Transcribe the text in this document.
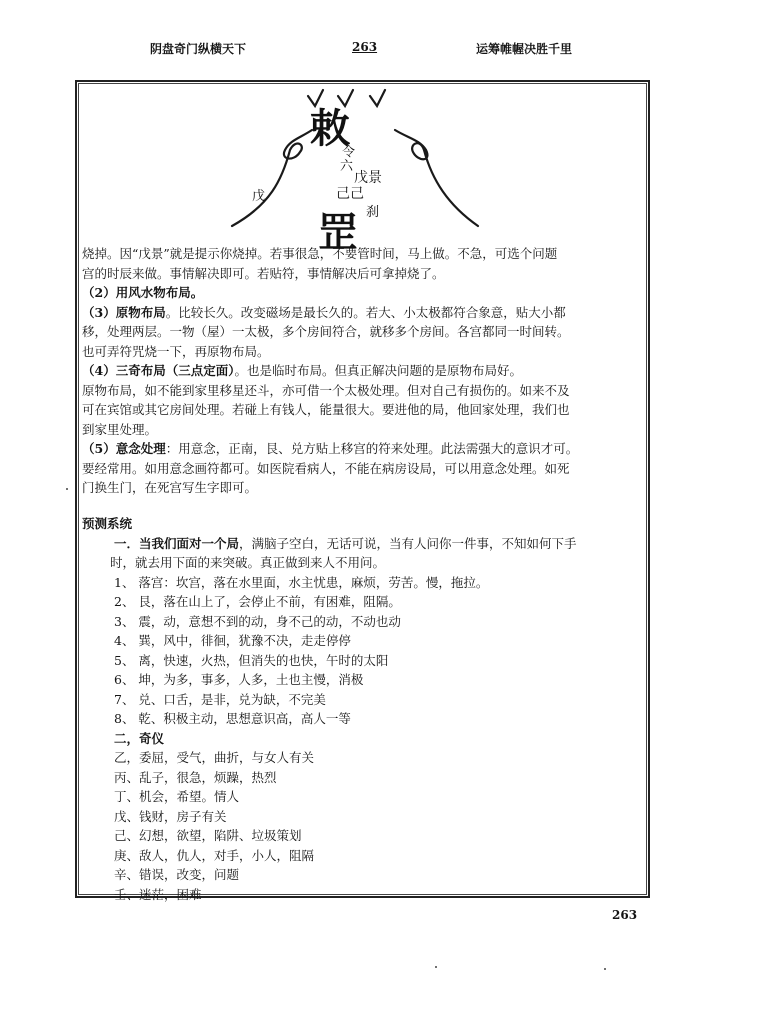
阴盘奇门纵横天下	263	运筹帷幄决胜千里
敕
令
六
戊景
己己
刹
罡
戊
烧掉。因“戊景”就是提示你烧掉。若事很急，不要管时间，马上做。不急，可选个问题
宫的时辰来做。事情解决即可。若贴符，事情解决后可拿掉烧了。
（2）用风水物布局。
（3）原物布局。比较长久。改变磁场是最长久的。若大、小太极都符合象意，贴大小都
移，处理两层。一物（屋）一太极，多个房间符合，就移多个房间。各宫都同一时间转。
也可弄符咒烧一下，再原物布局。
（4）三奇布局（三点定面）。也是临时布局。但真正解决问题的是原物布局好。
原物布局，如不能到家里移星还斗，亦可借一个太极处理。但对自己有损伤的。如来不及
可在宾馆或其它房间处理。若碰上有钱人，能量很大。要进他的局，他回家处理，我们也
到家里处理。
（5）意念处理：用意念，正南，艮、兑方贴上移宫的符来处理。此法需强大的意识才可。
要经常用。如用意念画符都可。如医院看病人，不能在病房设局，可以用意念处理。如死
门换生门，在死宫写生字即可。
预测系统
一．当我们面对一个局，满脑子空白，无话可说，当有人问你一件事，不知如何下手
时，就去用下面的来突破。真正做到来人不用问。
1、 落宫：坎宫，落在水里面，水主忧患，麻烦，劳苦。慢，拖拉。
2、 艮，落在山上了，会停止不前，有困难，阻隔。
3、 震，动，意想不到的动，身不己的动，不动也动
4、 巽，风中，徘徊，犹豫不决，走走停停
5、 离，快速，火热，但消失的也快，午时的太阳
6、 坤，为多，事多，人多，土也主慢，消极
7、 兑、口舌，是非，兑为缺，不完美
8、 乾、积极主动，思想意识高，高人一等
二，奇仪
乙，委屈，受气，曲折，与女人有关
丙、乱子，很急，烦躁，热烈
丁、机会，希望。情人
戊、钱财，房子有关
己、幻想，欲望，陷阱、垃圾策划
庚、敌人，仇人，对手，小人，阻隔
辛、错误，改变，问题
壬、迷茫，困难
263
